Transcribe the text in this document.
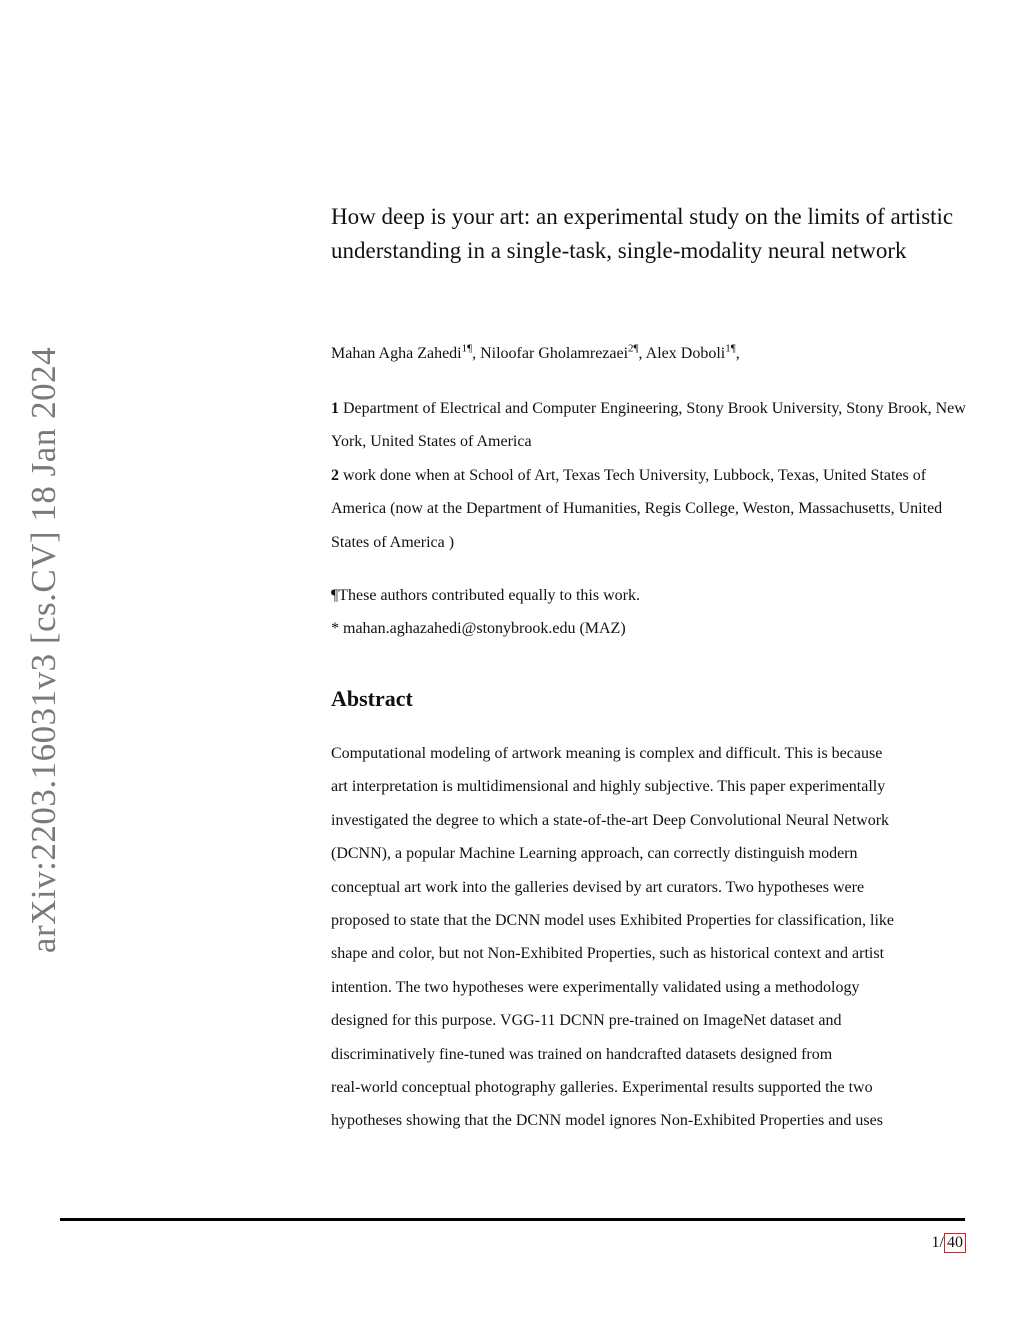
arXiv:2203.16031v3 [cs.CV] 18 Jan 2024
How deep is your art: an experimental study on the limits of artistic understanding in a single-task, single-modality neural network
Mahan Agha Zahedi$^{1\P}$, Niloofar Gholamrezaei$^{2\P}$, Alex Doboli$^{1\P}$,

1 Department of Electrical and Computer Engineering, Stony Brook University, Stony Brook, New York, United States of America

2 work done when at School of Art, Texas Tech University, Lubbock, Texas, United States of America (now at the Department of Humanities, Regis College, Weston, Massachusetts, United States of America )

¶These authors contributed equally to this work.

* mahan.aghazahedi@stonybrook.edu (MAZ)

Abstract
Computational modeling of artwork meaning is complex and difficult. This is because
art interpretation is multidimensional and highly subjective. This paper experimentally
investigated the degree to which a state-of-the-art Deep Convolutional Neural Network
(DCNN), a popular Machine Learning approach, can correctly distinguish modern
conceptual art work into the galleries devised by art curators. Two hypotheses were
proposed to state that the DCNN model uses Exhibited Properties for classification, like
shape and color, but not Non-Exhibited Properties, such as historical context and artist
intention. The two hypotheses were experimentally validated using a methodology
designed for this purpose. VGG-11 DCNN pre-trained on ImageNet dataset and
discriminatively fine-tuned was trained on handcrafted datasets designed from
real-world conceptual photography galleries. Experimental results supported the two
hypotheses showing that the DCNN model ignores Non-Exhibited Properties and uses
1/ 40
